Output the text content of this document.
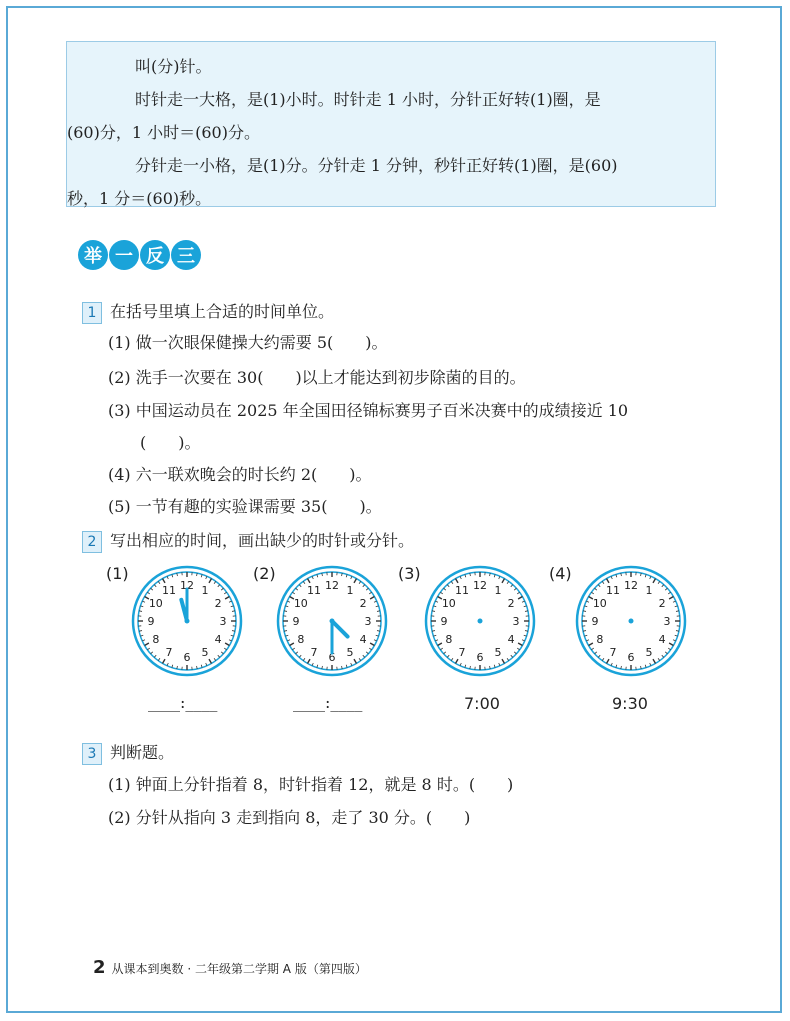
叫(分)针。

时针走一大格，是(1)小时。时针走 1 小时，分针正好转(1)圈，是

(60)分，1 小时＝(60)分。

分针走一小格，是(1)分。分针走 1 分钟，秒针正好转(1)圈，是(60)

秒，1 分＝(60)秒。

举 一 反 三
1 在括号里填上合适的时间单位。
(1) 做一次眼保健操大约需要 5(　　)。
(2) 洗手一次要在 30(　　)以上才能达到初步除菌的目的。
(3) 中国运动员在 2025 年全国田径锦标赛男子百米决赛中的成绩接近 10
(　　)。
(4) 六一联欢晚会的时长约 2(　　)。
(5) 一节有趣的实验课需要 35(　　)。
2 写出相应的时间，画出缺少的时针或分针。
(1)	(2)	(3)	(4)
12 1
2
3
4
5
6
7
8
9
10
11	12 1
2
3
4
5
6
7
8
9
10
11	12 1
2
3
4
5
6
7
8
9
10
11	12 1
2
3
4
5
6
7
8
9
10
11
____:____	____:____	7:00	9:30
3 判断题。
(1) 钟面上分针指着 8，时针指着 12，就是 8 时。(　　)
(2) 分针从指向 3 走到指向 8，走了 30 分。(　　)
2 从课本到奥数 · 二年级第二学期 A 版（第四版）
